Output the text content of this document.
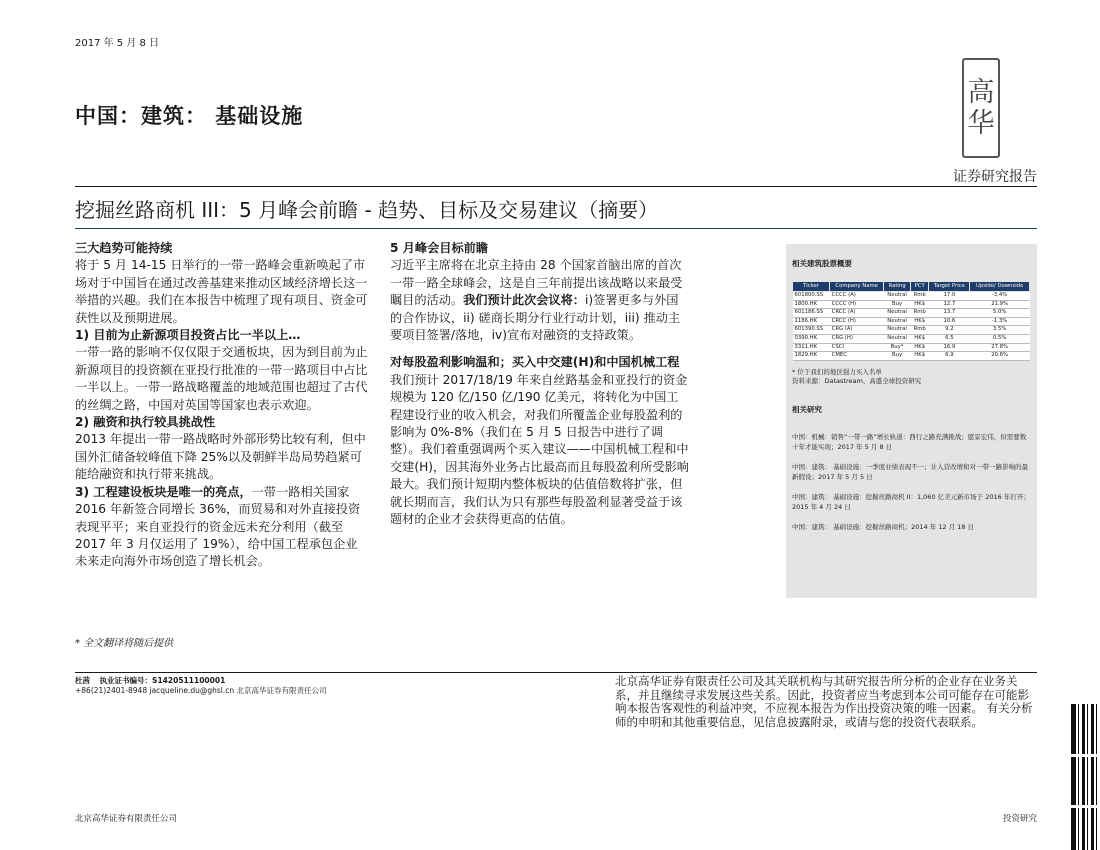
2017 年 5 月 8 日
中国：建筑： 基础设施
高
华
证券研究报告
挖掘丝路商机 III：5 月峰会前瞻 - 趋势、目标及交易建议（摘要）

三大趋势可能持续

将于 5 月 14-15 日举行的一带一路峰会重新唤起了市场对于中国旨在通过改善基建来推动区域经济增长这一举措的兴趣。我们在本报告中梳理了现有项目、资金可获性以及预期进展。

1) 目前为止新源项目投资占比一半以上…

一带一路的影响不仅仅限于交通板块，因为到目前为止新源项目的投资额在亚投行批准的一带一路项目中占比一半以上。一带一路战略覆盖的地域范围也超过了古代的丝绸之路，中国对英国等国家也表示欢迎。

2) 融资和执行较具挑战性

2013 年提出一带一路战略时外部形势比较有利，但中国外汇储备较峰值下降 25%以及朝鲜半岛局势趋紧可能给融资和执行带来挑战。

3) 工程建设板块是唯一的亮点，一带一路相关国家 2016 年新签合同增长 36%，而贸易和对外直接投资表现平平；来自亚投行的资金远未充分利用（截至 2017 年 3 月仅运用了 19%），给中国工程承包企业未来走向海外市场创造了增长机会。

5 月峰会目标前瞻

习近平主席将在北京主持由 28 个国家首脑出席的首次一带一路全球峰会，这是自三年前提出该战略以来最受瞩目的活动。我们预计此次会议将：i)签署更多与外国的合作协议，ii) 磋商长期分行业行动计划，iii) 推动主要项目签署/落地，iv)宣布对融资的支持政策。

对每股盈利影响温和；买入中交建(H)和中国机械工程

我们预计 2017/18/19 年来自丝路基金和亚投行的资金规模为 120 亿/150 亿/190 亿美元，将转化为中国工程建设行业的收入机会，对我们所覆盖企业每股盈利的影响为 0%-8%（我们在 5 月 5 日报告中进行了调整）。我们着重强调两个买入建议——中国机械工程和中交建(H)，因其海外业务占比最高而且每股盈利所受影响最大。我们预计短期内整体板块的估值倍数将扩张，但就长期而言，我们认为只有那些每股盈利显著受益于该题材的企业才会获得更高的估值。

相关建筑股票概要
Ticker	Company Name	Rating	PCY	Target Price	Upside/ Downside
601800.SS	CCCC (A)	Neutral	Rmb	17.0	-3.4%
1800.HK	CCCC (H)	Buy	HK$	12.7	21.9%
601186.SS	CRCC (A)	Neutral	Rmb	13.7	5.0%
1186.HK	CRCC (H)	Neutral	HK$	10.6	-1.3%
601390.SS	CRG (A)	Neutral	Rmb	9.2	3.5%
0390.HK	CRG (H)	Neutral	HK$	6.5	0.5%
3311.HK	CSCI	Buy*	HK$	16.9	27.8%
1829.HK	CMEC	Buy	HK$	6.9	20.6%
* 位于我们的地区强力买入名单
资料来源：Datastream、高盛全球投资研究
相关研究

中国：机械：销售“一带一路”增长轨道：西行之路充满挑战；愿景宏伟，但需要数十年才能实现；2017 年 5 月 8 日

中国：建筑： 基础设施：一季度业绩表现不一；计入营改增和对一带一路影响的最新假设；2017 年 5 月 5 日

中国：建筑： 基础设施：挖掘丝路商机 II：1,060 亿美元新市场于 2016 年打开；2015 年 4 月 24 日

中国：建筑： 基础设施：挖掘丝路商机；2014 年 12 月 18 日

* 全文翻译将随后提供
杜茜 执业证书编号：S1420511100001
+86(21)2401-8948 jacqueline.du@ghsl.cn 北京高华证券有限责任公司
北京高华证券有限责任公司及其关联机构与其研究报告所分析的企业存在业务关系，并且继续寻求发展这些关系。因此，投资者应当考虑到本公司可能存在可能影响本报告客观性的利益冲突，不应视本报告为作出投资决策的唯一因素。 有关分析师的申明和其他重要信息，见信息披露附录，或请与您的投资代表联系。
北京高华证券有限责任公司	投资研究
